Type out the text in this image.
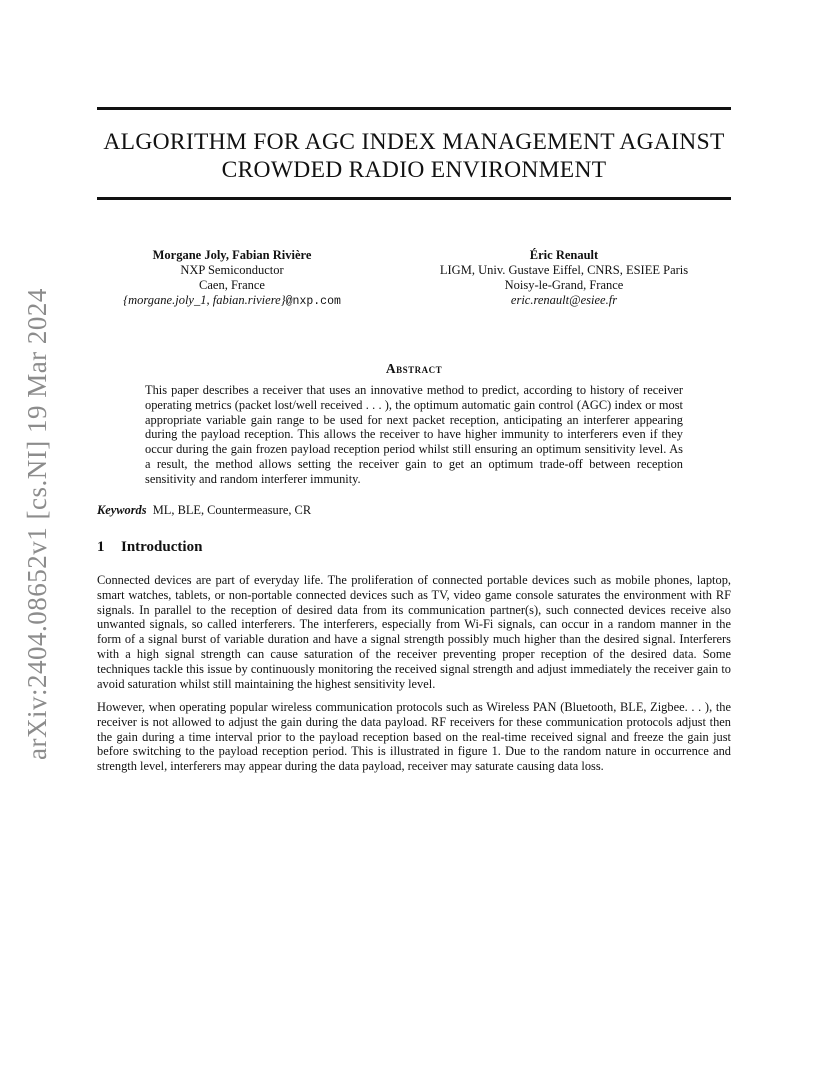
arXiv:2404.08652v1 [cs.NI] 19 Mar 2024
ALGORITHM FOR AGC INDEX MANAGEMENT AGAINST
CROWDED RADIO ENVIRONMENT
Morgane Joly, Fabian Rivière
NXP Semiconductor
Caen, France
{morgane.joly_1, fabian.riviere}@nxp.com
Éric Renault
LIGM, Univ. Gustave Eiffel, CNRS, ESIEE Paris
Noisy-le-Grand, France
eric.renault@esiee.fr
Abstract
This paper describes a receiver that uses an innovative method to predict, according to history of receiver operating metrics (packet lost/well received . . . ), the optimum automatic gain control (AGC) index or most appropriate variable gain range to be used for next packet reception, anticipating an interferer appearing during the payload reception. This allows the receiver to have higher immunity to interferers even if they occur during the gain frozen payload reception period whilst still ensuring an optimum sensitivity level. As a result, the method allows setting the receiver gain to get an optimum trade-off between reception sensitivity and random interferer immunity.
Keywords ML, BLE, Countermeasure, CR
1 Introduction
Connected devices are part of everyday life. The proliferation of connected portable devices such as mobile phones, laptop, smart watches, tablets, or non-portable connected devices such as TV, video game console saturates the environment with RF signals. In parallel to the reception of desired data from its communication partner(s), such connected devices receive also unwanted signals, so called interferers. The interferers, especially from Wi-Fi signals, can occur in a random manner in the form of a signal burst of variable duration and have a signal strength possibly much higher than the desired signal. Interferers with a high signal strength can cause saturation of the receiver preventing proper reception of the desired data. Some techniques tackle this issue by continuously monitoring the received signal strength and adjust immediately the receiver gain to avoid saturation whilst still maintaining the highest sensitivity level.
However, when operating popular wireless communication protocols such as Wireless PAN (Bluetooth, BLE, Zigbee. . . ), the receiver is not allowed to adjust the gain during the data payload. RF receivers for these communication protocols adjust then the gain during a time interval prior to the payload reception based on the real-time received signal and freeze the gain just before switching to the payload reception period. This is illustrated in figure 1. Due to the random nature in occurrence and strength level, interferers may appear during the data payload, receiver may saturate causing data loss.
